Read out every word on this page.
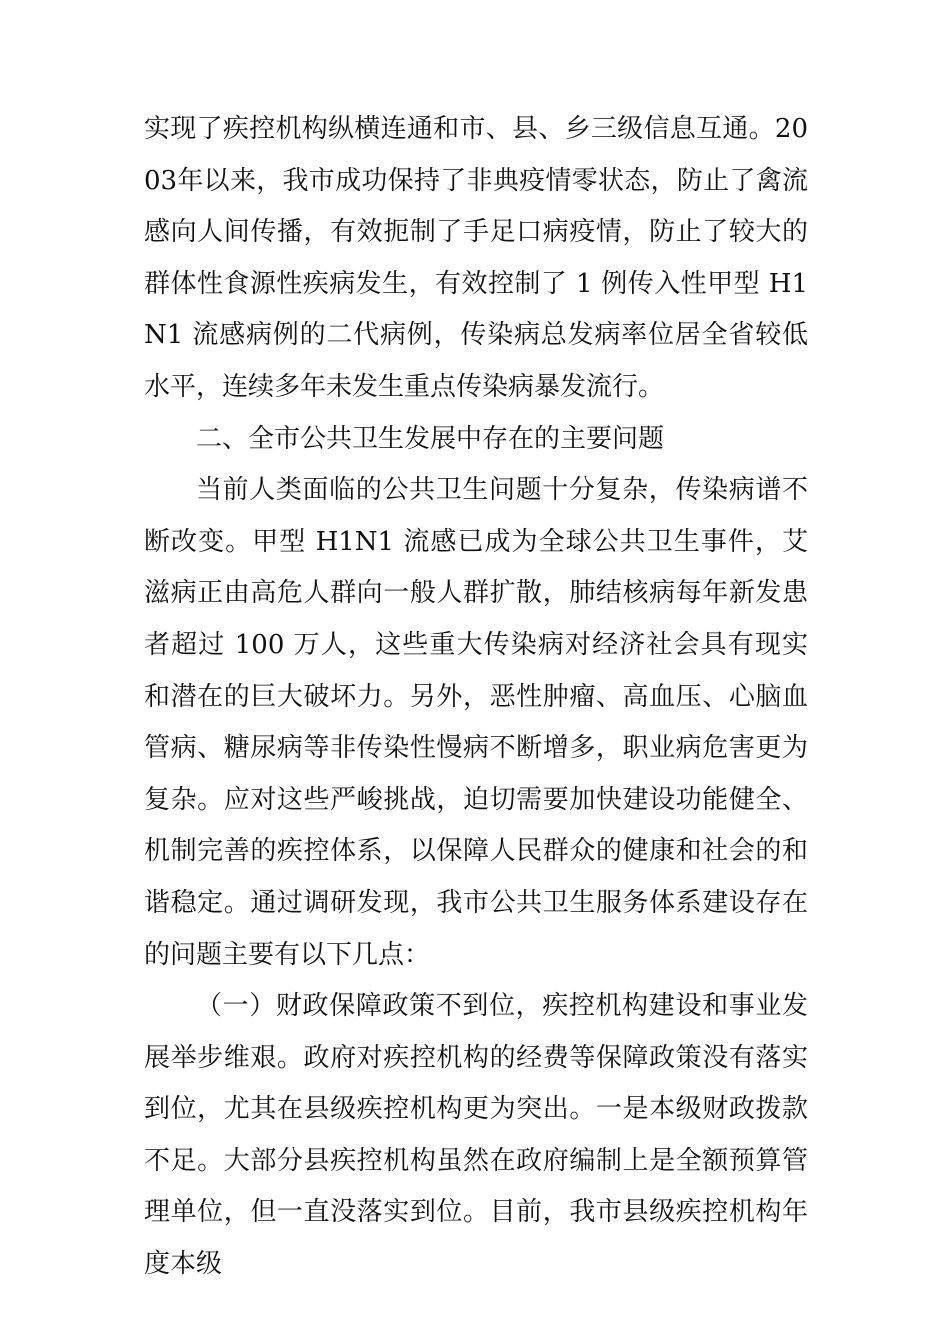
实现了疾控机构纵横连通和市、县、乡三级信息互通。2003年以来，我市成功保持了非典疫情零状态，防止了禽流感向人间传播，有效扼制了手足口病疫情，防止了较大的群体性食源性疾病发生，有效控制了 1 例传入性甲型 H1N1 流感病例的二代病例，传染病总发病率位居全省较低水平，连续多年未发生重点传染病暴发流行。

二、全市公共卫生发展中存在的主要问题

当前人类面临的公共卫生问题十分复杂，传染病谱不断改变。甲型 H1N1 流感已成为全球公共卫生事件，艾滋病正由高危人群向一般人群扩散，肺结核病每年新发患者超过 100 万人，这些重大传染病对经济社会具有现实和潜在的巨大破坏力。另外，恶性肿瘤、高血压、心脑血管病、糖尿病等非传染性慢病不断增多，职业病危害更为复杂。应对这些严峻挑战，迫切需要加快建设功能健全、机制完善的疾控体系，以保障人民群众的健康和社会的和谐稳定。通过调研发现，我市公共卫生服务体系建设存在的问题主要有以下几点：

（一）财政保障政策不到位，疾控机构建设和事业发展举步维艰。政府对疾控机构的经费等保障政策没有落实到位，尤其在县级疾控机构更为突出。一是本级财政拨款不足。大部分县疾控机构虽然在政府编制上是全额预算管理单位，但一直没落实到位。目前，我市县级疾控机构年度本级
